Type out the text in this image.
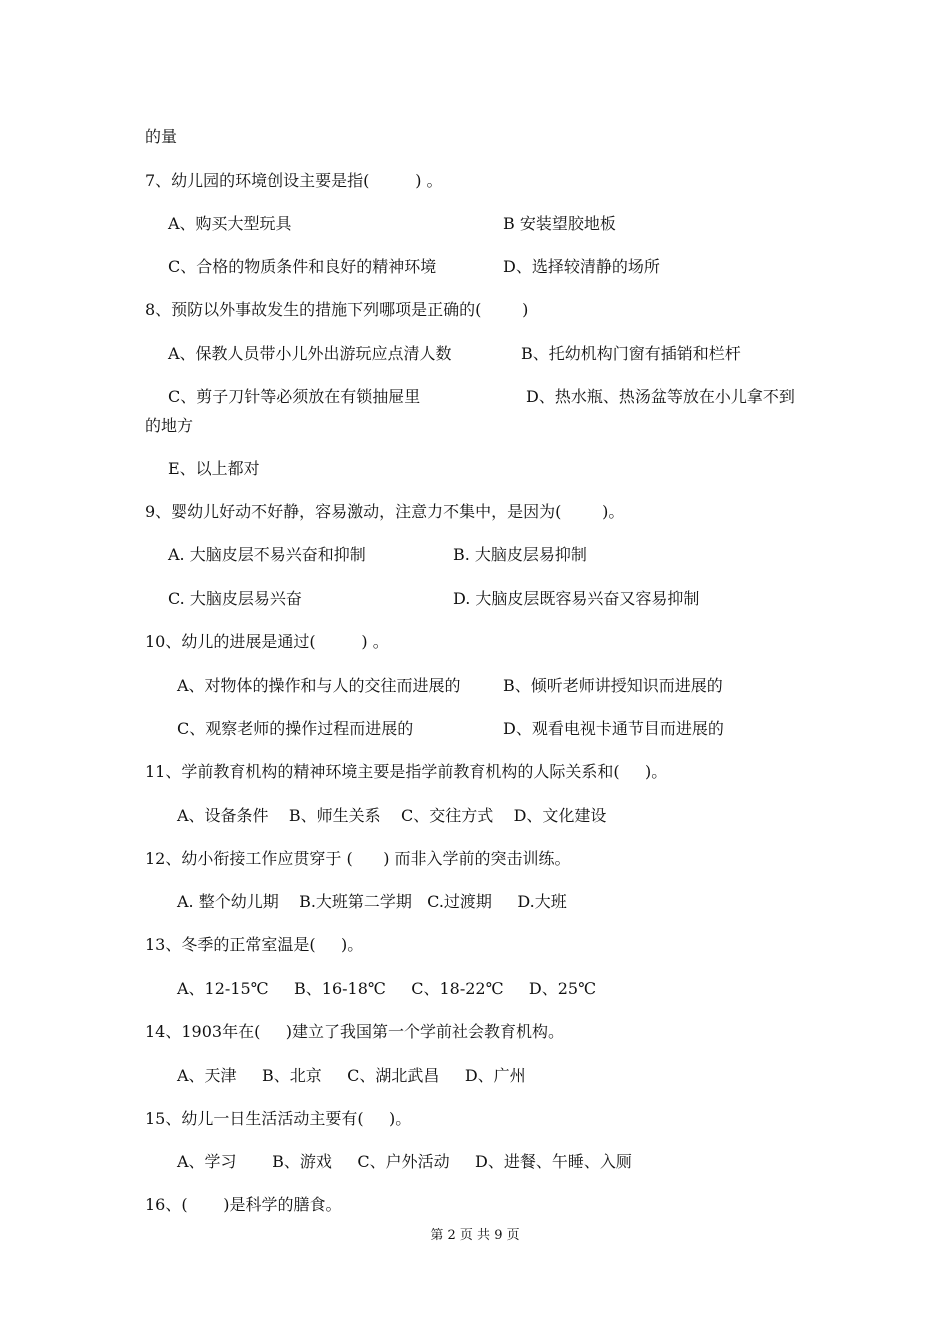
的量
7、幼儿园的环境创设主要是指(         ) 。
A、购买大型玩具	B 安装望胶地板
C、合格的物质条件和良好的精神环境	D、选择较清静的场所
8、预防以外事故发生的措施下列哪项是正确的(        )
A、保教人员带小儿外出游玩应点清人数	B、托幼机构门窗有插销和栏杆
C、剪子刀针等必须放在有锁抽屉里	D、热水瓶、热汤盆等放在小儿拿不到
的地方
E、以上都对
9、婴幼儿好动不好静，容易激动，注意力不集中，是因为(        )。
A. 大脑皮层不易兴奋和抑制	B. 大脑皮层易抑制
C. 大脑皮层易兴奋	D. 大脑皮层既容易兴奋又容易抑制
10、幼儿的进展是通过(         ) 。
A、对物体的操作和与人的交往而进展的	B、倾听老师讲授知识而进展的
C、观察老师的操作过程而进展的	D、观看电视卡通节目而进展的
11、学前教育机构的精神环境主要是指学前教育机构的人际关系和(     )。
A、设备条件    B、师生关系    C、交往方式    D、文化建设
12、幼小衔接工作应贯穿于 (      ) 而非入学前的突击训练。
A. 整个幼儿期    B.大班第二学期   C.过渡期     D.大班
13、冬季的正常室温是(     )。
A、12-15℃     B、16-18℃     C、18-22℃     D、25℃
14、1903年在(     )建立了我国第一个学前社会教育机构。
A、天津     B、北京     C、湖北武昌     D、广州
15、幼儿一日生活活动主要有(     )。
A、学习       B、游戏     C、户外活动     D、进餐、午睡、入厕
16、(       )是科学的膳食。
第 2 页 共 9 页
